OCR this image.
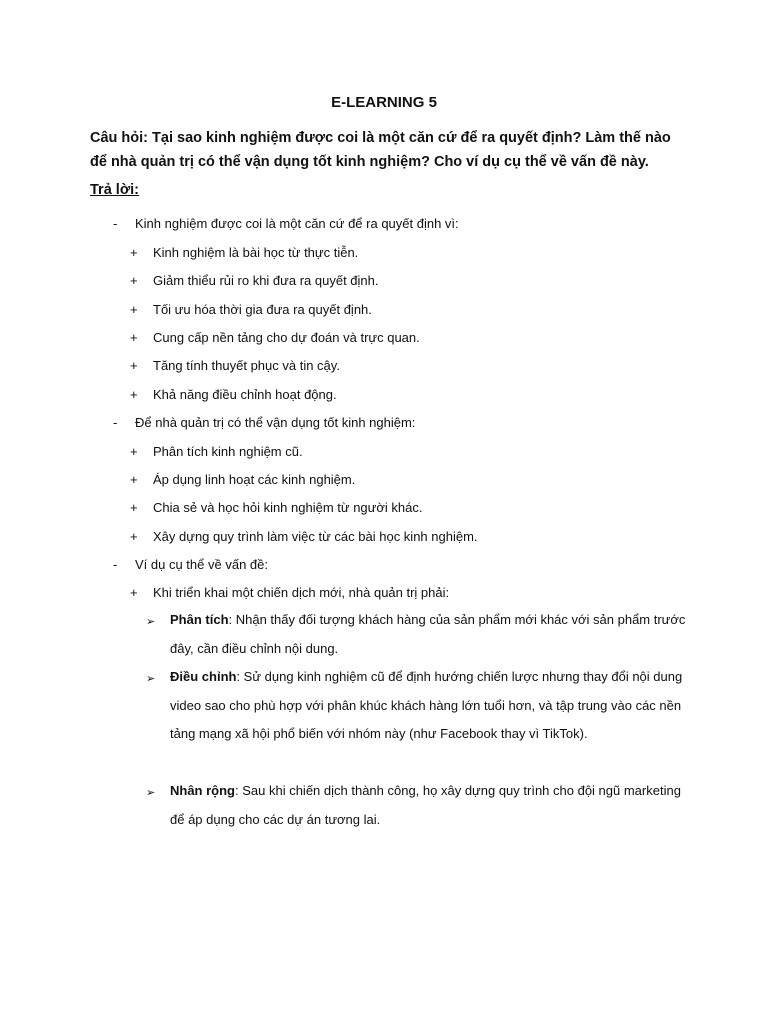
E-LEARNING 5
Câu hỏi: Tại sao kinh nghiệm được coi là một căn cứ để ra quyết định? Làm thế nào để nhà quản trị có thể vận dụng tốt kinh nghiệm? Cho ví dụ cụ thể về vấn đề này.
Trả lời:
- Kinh nghiệm được coi là một căn cứ để ra quyết định vì:
+ Kinh nghiệm là bài học từ thực tiễn.
+ Giảm thiểu rủi ro khi đưa ra quyết định.
+ Tối ưu hóa thời gia đưa ra quyết định.
+ Cung cấp nền tảng cho dự đoán và trực quan.
+ Tăng tính thuyết phục và tin cậy.
+ Khả năng điều chỉnh hoạt động.
- Để nhà quản trị có thể vận dụng tốt kinh nghiệm:
+ Phân tích kinh nghiệm cũ.
+ Áp dụng linh hoạt các kinh nghiệm.
+ Chia sẻ và học hỏi kinh nghiệm từ người khác.
+ Xây dựng quy trình làm việc từ các bài học kinh nghiệm.
- Ví dụ cụ thể về vấn đề:
+ Khi triển khai một chiến dịch mới, nhà quản trị phải:
➢ Phân tích: Nhận thấy đối tượng khách hàng của sản phẩm mới khác với sản phẩm trước đây, cần điều chỉnh nội dung.
➢ Điều chỉnh: Sử dụng kinh nghiệm cũ để định hướng chiến lược nhưng thay đổi nội dung video sao cho phù hợp với phân khúc khách hàng lớn tuổi hơn, và tập trung vào các nền tảng mạng xã hội phổ biến với nhóm này (như Facebook thay vì TikTok).
➢ Nhân rộng: Sau khi chiến dịch thành công, họ xây dựng quy trình cho đội ngũ marketing để áp dụng cho các dự án tương lai.
